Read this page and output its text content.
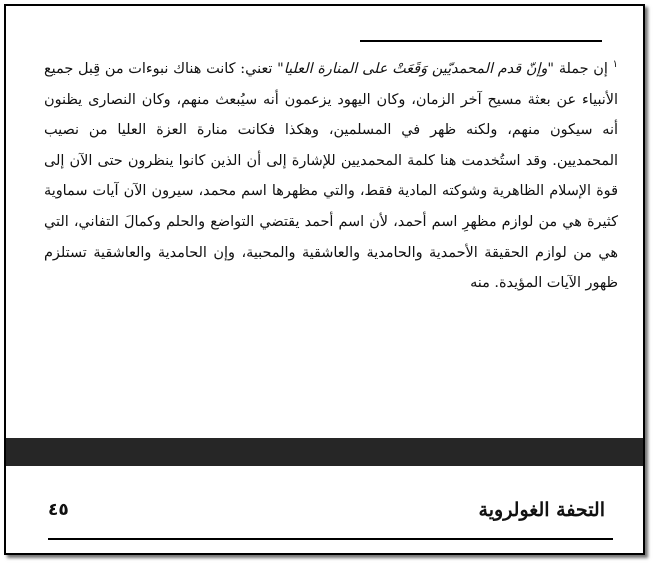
$^١$ إن جملة "وإنّ قدم المحمديّين وَقَعَتْ على المنارة العليا" تعني: كانت هناك نبوءات من قِبل جميع الأنبياء عن بعثة مسيح آخر الزمان، وكان اليهود يزعمون أنه سيُبعث منهم، وكان النصارى يظنون أنه سيكون منهم، ولكنه ظهر في المسلمين، وهكذا فكانت منارة العزة العليا من نصيب المحمديين. وقد استُخدمت هنا كلمة المحمديين للإشارة إلى أن الذين كانوا ينظرون حتى الآن إلى قوة الإسلام الظاهرية وشوكته المادية فقط، والتي مظهرها اسم محمد، سيرون الآن آيات سماوية كثيرة هي من لوازم مظهرِ اسم أحمد، لأن اسم أحمد يقتضي التواضع والحلم وكمالَ التفاني، التي هي من لوازم الحقيقة الأحمدية والحامدية والعاشقية والمحبية، وإن الحامدية والعاشقية تستلزم ظهور الآيات المؤيدة. منه
التحفة الغولروية
٤٥
